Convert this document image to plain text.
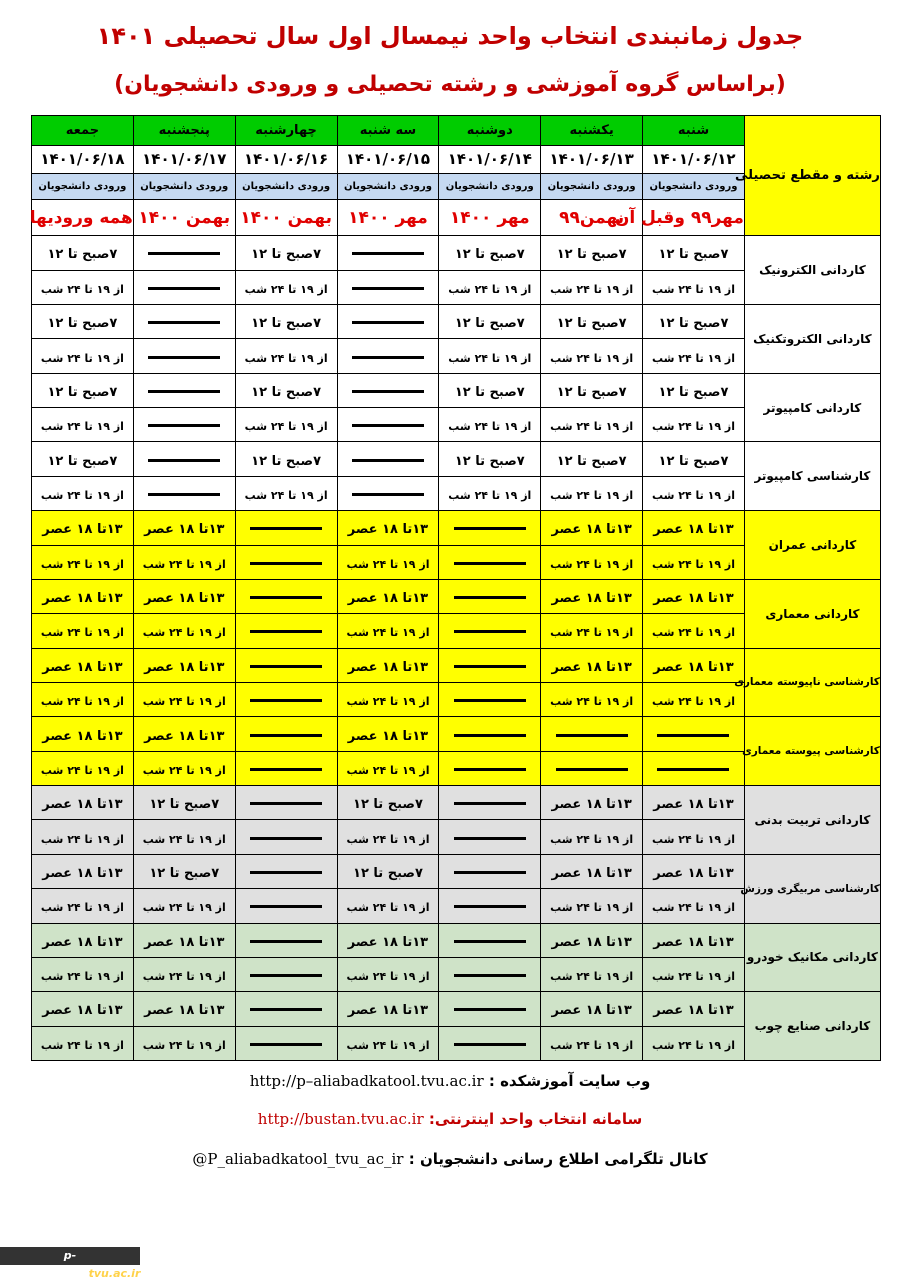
جدول زمانبندی انتخاب واحد نیمسال اول سال تحصیلی ۱۴۰۱
(براساس گروه آموزشی و رشته تحصیلی و ورودی دانشجویان)
رشته و مقطع تحصیلی	شنبه	یکشنبه	دوشنبه	سه شنبه	چهارشنبه	پنجشنبه	جمعه
	۱۴۰۱/۰۶/۱۲	۱۴۰۱/۰۶/۱۳	۱۴۰۱/۰۶/۱۴	۱۴۰۱/۰۶/۱۵	۱۴۰۱/۰۶/۱۶	۱۴۰۱/۰۶/۱۷	۱۴۰۱/۰۶/۱۸
	ورودی دانشجویان	ورودی دانشجویان	ورودی دانشجویان	ورودی دانشجویان	ورودی دانشجویان	ورودی دانشجویان	ورودی دانشجویان
	مهر۹۹ وقبل آن	بهمن۹۹	مهر ۱۴۰۰	مهر ۱۴۰۰	بهمن ۱۴۰۰	بهمن ۱۴۰۰	همه ورودیها
کاردانی الکترونیک	۷صبح تا ۱۲	۷صبح تا ۱۲	۷صبح تا ۱۲		۷صبح تا ۱۲		۷صبح تا ۱۲
	از ۱۹ تا ۲۴ شب	از ۱۹ تا ۲۴ شب	از ۱۹ تا ۲۴ شب		از ۱۹ تا ۲۴ شب		از ۱۹ تا ۲۴ شب
کاردانی الکتروتکنیک	۷صبح تا ۱۲	۷صبح تا ۱۲	۷صبح تا ۱۲		۷صبح تا ۱۲		۷صبح تا ۱۲
	از ۱۹ تا ۲۴ شب	از ۱۹ تا ۲۴ شب	از ۱۹ تا ۲۴ شب		از ۱۹ تا ۲۴ شب		از ۱۹ تا ۲۴ شب
کاردانی کامپیوتر	۷صبح تا ۱۲	۷صبح تا ۱۲	۷صبح تا ۱۲		۷صبح تا ۱۲		۷صبح تا ۱۲
	از ۱۹ تا ۲۴ شب	از ۱۹ تا ۲۴ شب	از ۱۹ تا ۲۴ شب		از ۱۹ تا ۲۴ شب		از ۱۹ تا ۲۴ شب
کارشناسی کامپیوتر	۷صبح تا ۱۲	۷صبح تا ۱۲	۷صبح تا ۱۲		۷صبح تا ۱۲		۷صبح تا ۱۲
	از ۱۹ تا ۲۴ شب	از ۱۹ تا ۲۴ شب	از ۱۹ تا ۲۴ شب		از ۱۹ تا ۲۴ شب		از ۱۹ تا ۲۴ شب
کاردانی عمران	۱۳تا ۱۸ عصر	۱۳تا ۱۸ عصر		۱۳تا ۱۸ عصر		۱۳تا ۱۸ عصر	۱۳تا ۱۸ عصر
	از ۱۹ تا ۲۴ شب	از ۱۹ تا ۲۴ شب		از ۱۹ تا ۲۴ شب		از ۱۹ تا ۲۴ شب	از ۱۹ تا ۲۴ شب
کاردانی معماری	۱۳تا ۱۸ عصر	۱۳تا ۱۸ عصر		۱۳تا ۱۸ عصر		۱۳تا ۱۸ عصر	۱۳تا ۱۸ عصر
	از ۱۹ تا ۲۴ شب	از ۱۹ تا ۲۴ شب		از ۱۹ تا ۲۴ شب		از ۱۹ تا ۲۴ شب	از ۱۹ تا ۲۴ شب
کارشناسی ناپیوسته معماری	۱۳تا ۱۸ عصر	۱۳تا ۱۸ عصر		۱۳تا ۱۸ عصر		۱۳تا ۱۸ عصر	۱۳تا ۱۸ عصر
	از ۱۹ تا ۲۴ شب	از ۱۹ تا ۲۴ شب		از ۱۹ تا ۲۴ شب		از ۱۹ تا ۲۴ شب	از ۱۹ تا ۲۴ شب
کارشناسی پیوسته معماری				۱۳تا ۱۸ عصر		۱۳تا ۱۸ عصر	۱۳تا ۱۸ عصر
				از ۱۹ تا ۲۴ شب		از ۱۹ تا ۲۴ شب	از ۱۹ تا ۲۴ شب
کاردانی تربیت بدنی	۱۳تا ۱۸ عصر	۱۳تا ۱۸ عصر		۷صبح تا ۱۲		۷صبح تا ۱۲	۱۳تا ۱۸ عصر
	از ۱۹ تا ۲۴ شب	از ۱۹ تا ۲۴ شب		از ۱۹ تا ۲۴ شب		از ۱۹ تا ۲۴ شب	از ۱۹ تا ۲۴ شب
کارشناسی مربیگری ورزش	۱۳تا ۱۸ عصر	۱۳تا ۱۸ عصر		۷صبح تا ۱۲		۷صبح تا ۱۲	۱۳تا ۱۸ عصر
	از ۱۹ تا ۲۴ شب	از ۱۹ تا ۲۴ شب		از ۱۹ تا ۲۴ شب		از ۱۹ تا ۲۴ شب	از ۱۹ تا ۲۴ شب
کاردانی مکانیک خودرو	۱۳تا ۱۸ عصر	۱۳تا ۱۸ عصر		۱۳تا ۱۸ عصر		۱۳تا ۱۸ عصر	۱۳تا ۱۸ عصر
	از ۱۹ تا ۲۴ شب	از ۱۹ تا ۲۴ شب		از ۱۹ تا ۲۴ شب		از ۱۹ تا ۲۴ شب	از ۱۹ تا ۲۴ شب
کاردانی صنایع چوب	۱۳تا ۱۸ عصر	۱۳تا ۱۸ عصر		۱۳تا ۱۸ عصر		۱۳تا ۱۸ عصر	۱۳تا ۱۸ عصر
	از ۱۹ تا ۲۴ شب	از ۱۹ تا ۲۴ شب		از ۱۹ تا ۲۴ شب		از ۱۹ تا ۲۴ شب	از ۱۹ تا ۲۴ شب
وب سایت آموزشکده : http://p–aliabadkatool.tvu.ac.ir
سامانه انتخاب واحد اینترنتی: http://bustan.tvu.ac.ir
کانال تلگرامی اطلاع رسانی دانشجویان : @P_aliabadkatool_tvu_ac_ir
p-aliabadkatool.tvu.ac.ir
